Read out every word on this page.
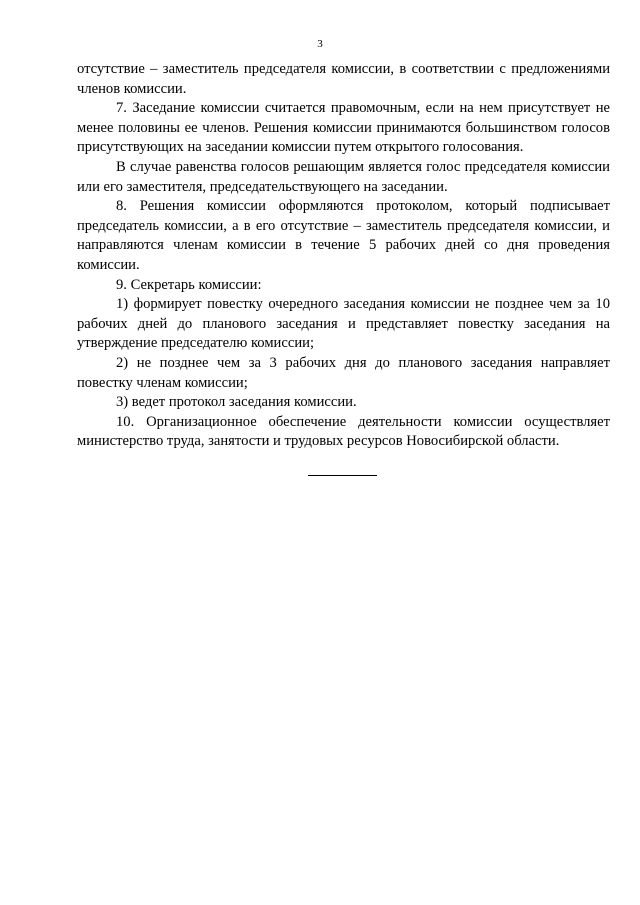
3

отсутствие – заместитель председателя комиссии, в соответствии с предложениями членов комиссии.

7. Заседание комиссии считается правомочным, если на нем присутствует не менее половины ее членов. Решения комиссии принимаются большинством голосов присутствующих на заседании комиссии путем открытого голосования.

В случае равенства голосов решающим является голос председателя комиссии или его заместителя, председательствующего на заседании.

8. Решения комиссии оформляются протоколом, который подписывает председатель комиссии, а в его отсутствие – заместитель председателя комиссии, и направляются членам комиссии в течение 5 рабочих дней со дня проведения комиссии.

9. Секретарь комиссии:

1) формирует повестку очередного заседания комиссии не позднее чем за 10 рабочих дней до планового заседания и представляет повестку заседания на утверждение председателю комиссии;

2) не позднее чем за 3 рабочих дня до планового заседания направляет повестку членам комиссии;

3) ведет протокол заседания комиссии.

10. Организационное обеспечение деятельности комиссии осуществляет министерство труда, занятости и трудовых ресурсов Новосибирской области.
